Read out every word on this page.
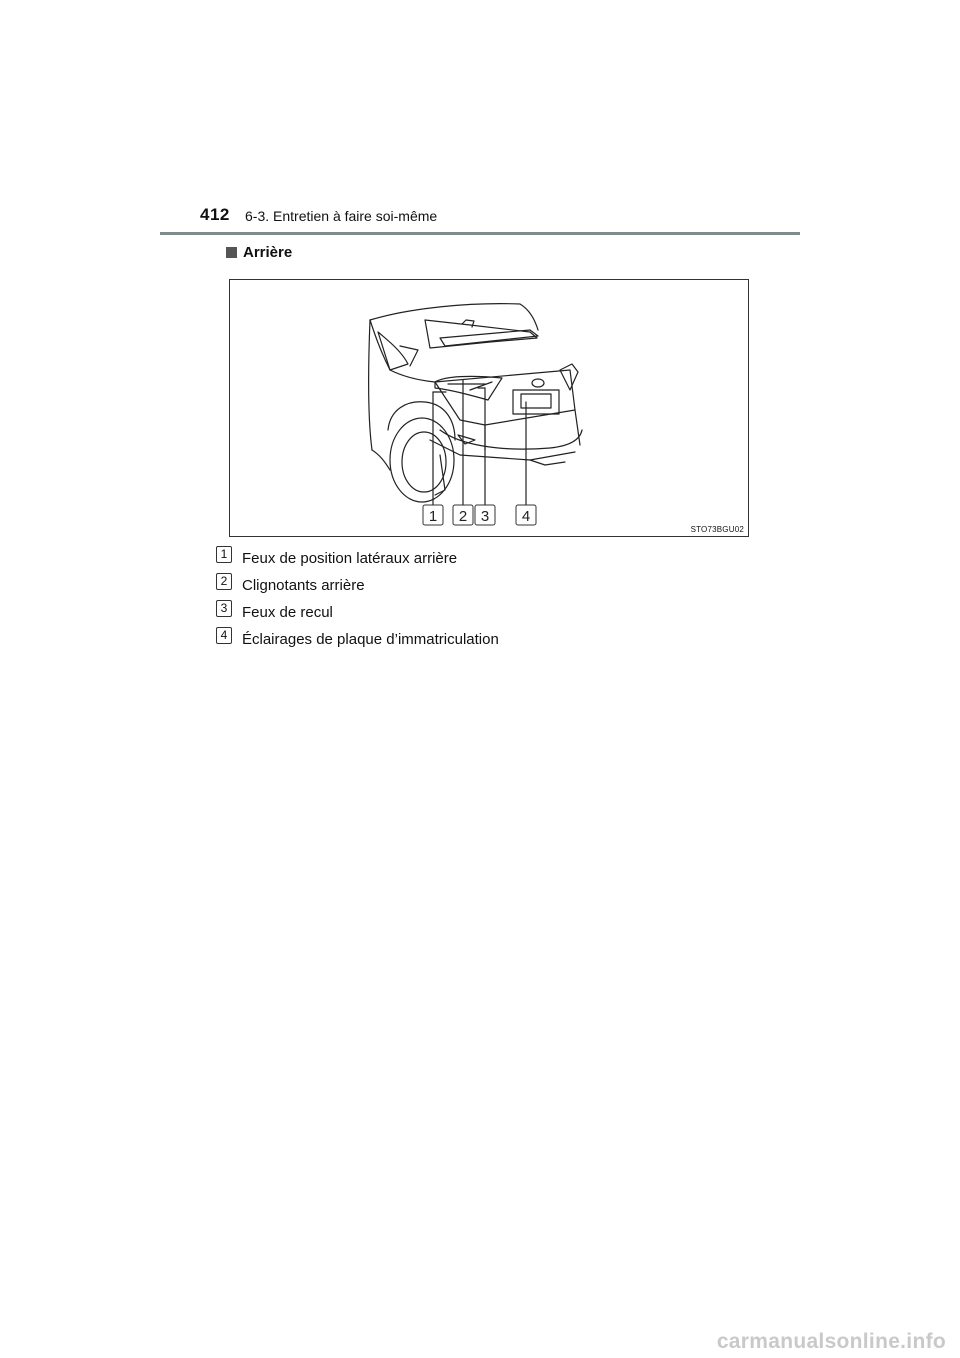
412 6-3. Entretien à faire soi-même
Arrière
1 2 3 4
STO73BGU02
1 Feux de position latéraux arrière
2 Clignotants arrière
3 Feux de recul
4 Éclairages de plaque d’immatriculation
carmanualsonline.info
